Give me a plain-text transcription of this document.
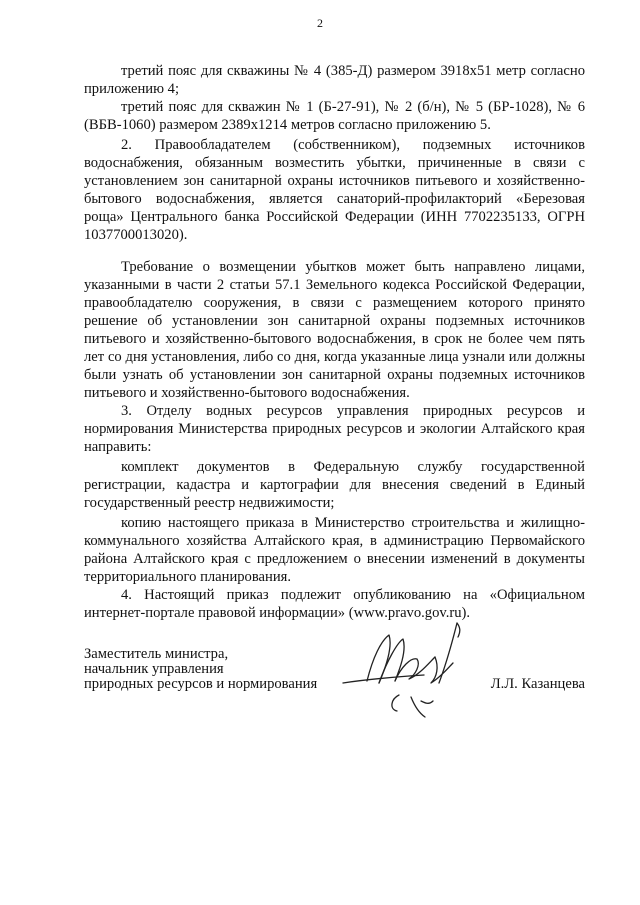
2

третий пояс для скважины № 4 (385-Д) размером 3918x51 метр согласно приложению 4;

третий пояс для скважин № 1 (Б-27-91), № 2 (б/н), № 5 (БР-1028), № 6 (ВБВ-1060) размером 2389x1214 метров согласно приложению 5.

2. Правообладателем (собственником), подземных источников водоснабжения, обязанным возместить убытки, причиненные в связи с установлением зон санитарной охраны источников питьевого и хозяйственно-бытового водоснабжения, является санаторий-профилакторий «Березовая роща» Центрального банка Российской Федерации (ИНН 7702235133, ОГРН 1037700013020).

Требование о возмещении убытков может быть направлено лицами, указанными в части 2 статьи 57.1 Земельного кодекса Российской Федерации, правообладателю сооружения, в связи с размещением которого принято решение об установлении зон санитарной охраны подземных источников питьевого и хозяйственно-бытового водоснабжения, в срок не более чем пять лет со дня установления, либо со дня, когда указанные лица узнали или должны были узнать об установлении зон санитарной охраны подземных источников питьевого и хозяйственно-бытового водоснабжения.

3. Отделу водных ресурсов управления природных ресурсов и нормирования Министерства природных ресурсов и экологии Алтайского края направить:

комплект документов в Федеральную службу государственной регистрации, кадастра и картографии для внесения сведений в Единый государственный реестр недвижимости;

копию настоящего приказа в Министерство строительства и жилищно-коммунального хозяйства Алтайского края, в администрацию Первомайского района Алтайского края с предложением о внесении изменений в документы территориального планирования.

4. Настоящий приказ подлежит опубликованию на «Официальном интернет-портале правовой информации» (www.pravo.gov.ru).

Заместитель министра,
начальник управления
природных ресурсов и нормирования	Л.Л. Казанцева
